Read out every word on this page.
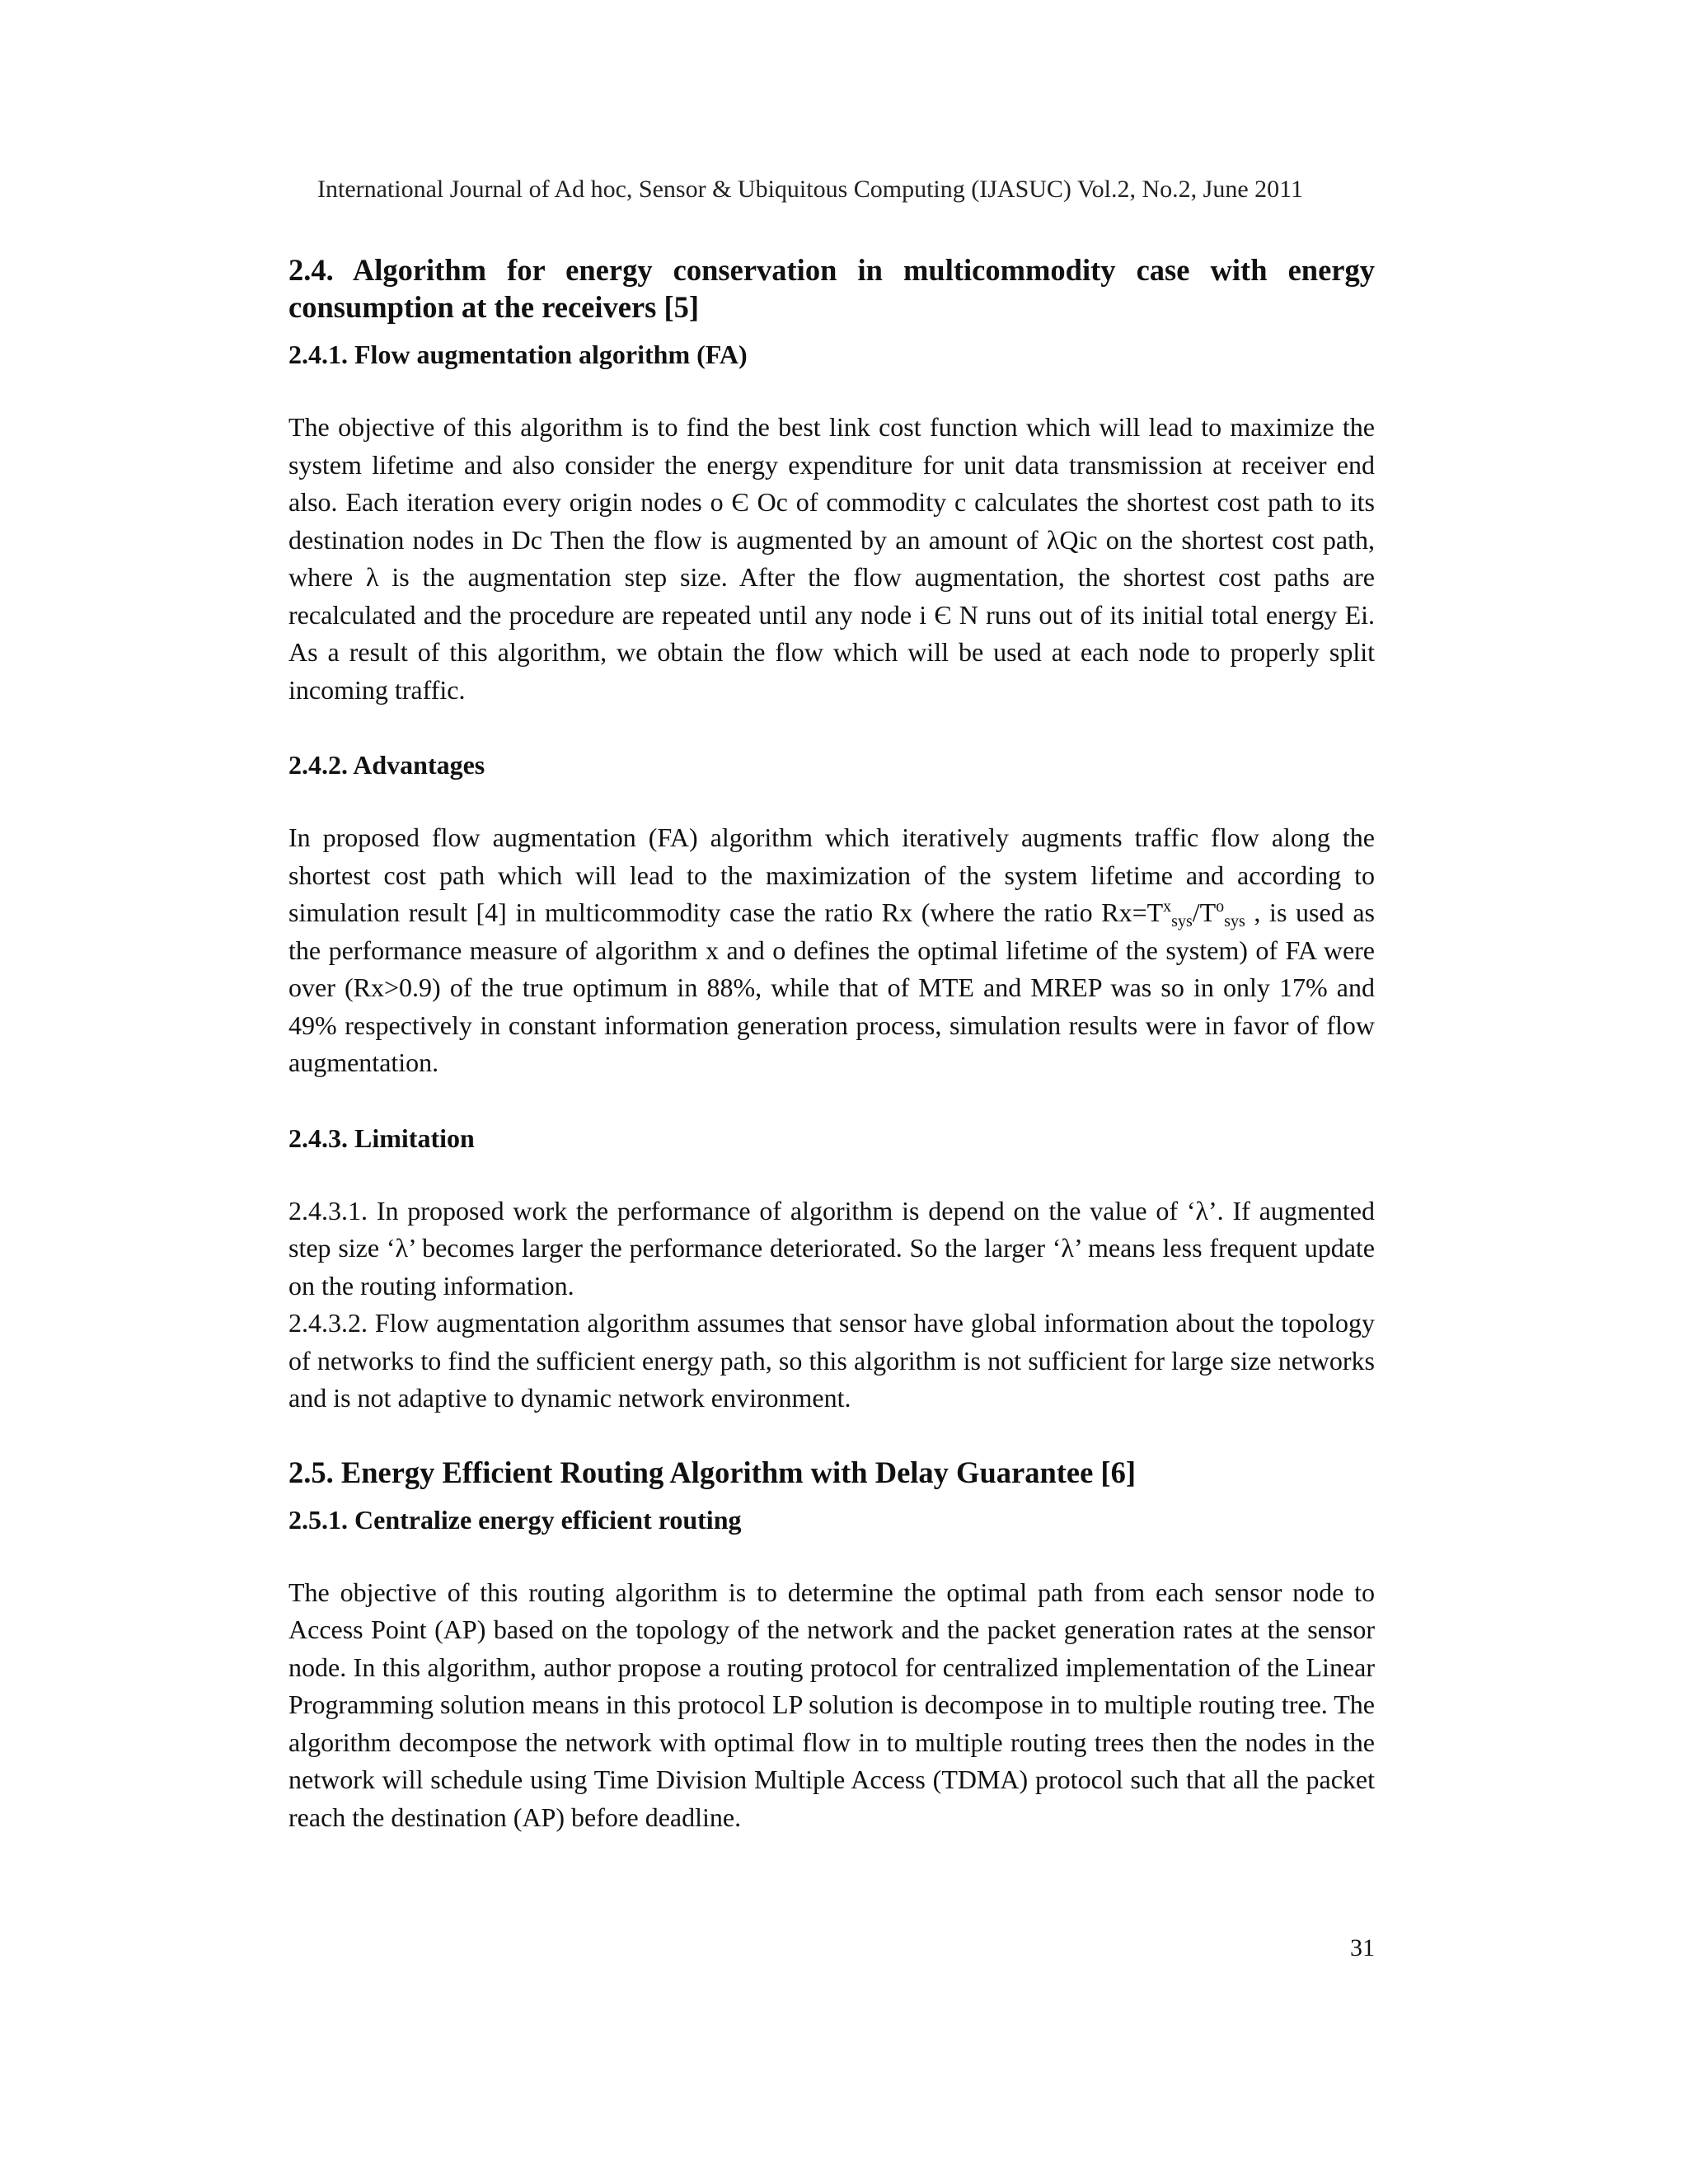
International Journal of Ad hoc, Sensor & Ubiquitous Computing (IJASUC) Vol.2, No.2, June 2011
2.4. Algorithm for energy conservation in multicommodity case with energy consumption at the receivers [5]
2.4.1. Flow augmentation algorithm (FA)

The objective of this algorithm is to find the best link cost function which will lead to maximize the system lifetime and also consider the energy expenditure for unit data transmission at receiver end also. Each iteration every origin nodes o Є Oc of commodity c calculates the shortest cost path to its destination nodes in Dc Then the flow is augmented by an amount of λQic on the shortest cost path, where λ is the augmentation step size. After the flow augmentation, the shortest cost paths are recalculated and the procedure are repeated until any node i Є N runs out of its initial total energy Ei. As a result of this algorithm, we obtain the flow which will be used at each node to properly split incoming traffic.

2.4.2. Advantages

In proposed flow augmentation (FA) algorithm which iteratively augments traffic flow along the shortest cost path which will lead to the maximization of the system lifetime and according to simulation result [4] in multicommodity case the ratio Rx (where the ratio $Rx=T^x_{sys}/T^o_{sys}$ , is used as the performance measure of algorithm x and o defines the optimal lifetime of the system) of FA were over (Rx>0.9) of the true optimum in 88%, while that of MTE and MREP was so in only 17% and 49% respectively in constant information generation process, simulation results were in favor of flow augmentation.

2.4.3. Limitation

2.4.3.1. In proposed work the performance of algorithm is depend on the value of ‘λ’. If augmented step size ‘λ’ becomes larger the performance deteriorated. So the larger ‘λ’ means less frequent update on the routing information.

2.4.3.2. Flow augmentation algorithm assumes that sensor have global information about the topology of networks to find the sufficient energy path, so this algorithm is not sufficient for large size networks and is not adaptive to dynamic network environment.

2.5. Energy Efficient Routing Algorithm with Delay Guarantee [6]
2.5.1. Centralize energy efficient routing

The objective of this routing algorithm is to determine the optimal path from each sensor node to Access Point (AP) based on the topology of the network and the packet generation rates at the sensor node. In this algorithm, author propose a routing protocol for centralized implementation of the Linear Programming solution means in this protocol LP solution is decompose in to multiple routing tree. The algorithm decompose the network with optimal flow in to multiple routing trees then the nodes in the network will schedule using Time Division Multiple Access (TDMA) protocol such that all the packet reach the destination (AP) before deadline.

31
